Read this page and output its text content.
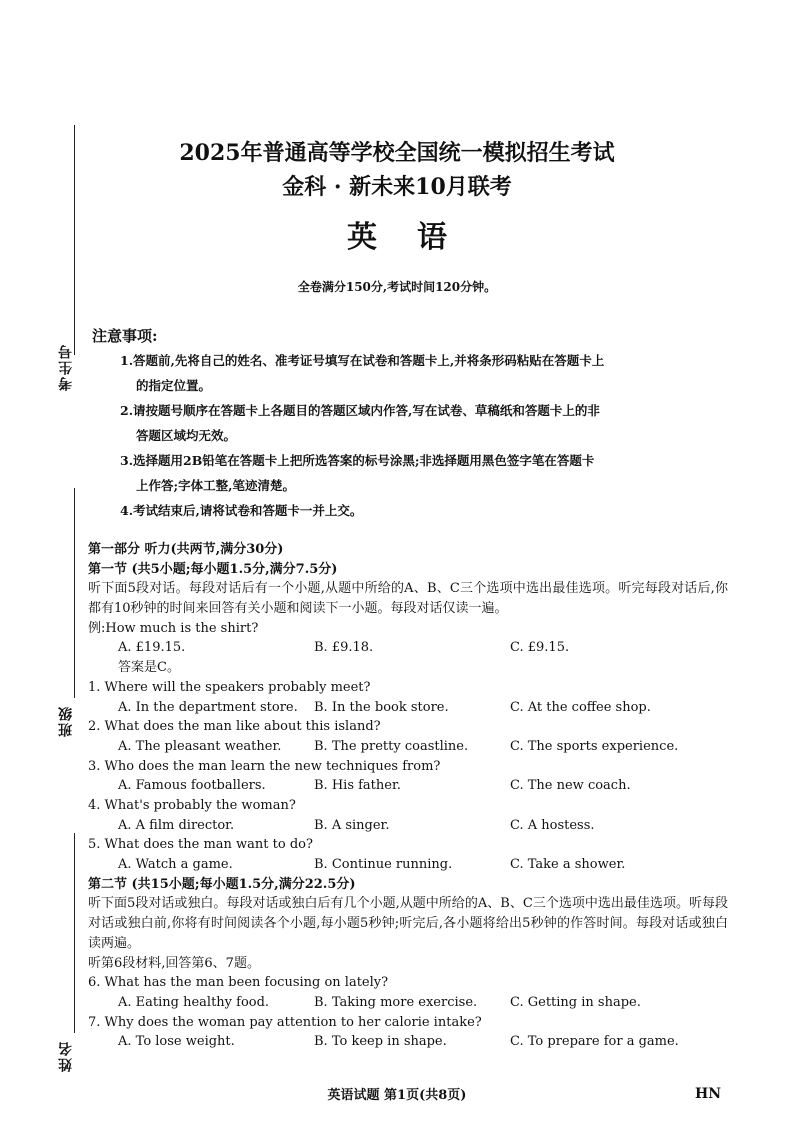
考生号
班级
姓名
2025年普通高等学校全国统一模拟招生考试
金科 · 新未来10月联考
英语
全卷满分150分,考试时间120分钟。
注意事项:
1.答题前,先将自己的姓名、准考证号填写在试卷和答题卡上,并将条形码粘贴在答题卡上
的指定位置。
2.请按题号顺序在答题卡上各题目的答题区域内作答,写在试卷、草稿纸和答题卡上的非
答题区域均无效。
3.选择题用2B铅笔在答题卡上把所选答案的标号涂黑;非选择题用黑色签字笔在答题卡
上作答;字体工整,笔迹清楚。
4.考试结束后,请将试卷和答题卡一并上交。
第一部分 听力(共两节,满分30分)
第一节 (共5小题;每小题1.5分,满分7.5分)
听下面5段对话。每段对话后有一个小题,从题中所给的A、B、C三个选项中选出最佳选项。听完每段对话后,你都有10秒钟的时间来回答有关小题和阅读下一小题。每段对话仅读一遍。
例:How much is the shirt?
A. £19.15.	B. £9.18.	C. £9.15.
答案是C。
1. Where will the speakers probably meet?
A. In the department store. B. In the book store.	C. At the coffee shop.
2. What does the man like about this island?
A. The pleasant weather.	B. The pretty coastline.	C. The sports experience.
3. Who does the man learn the new techniques from?
A. Famous footballers.	B. His father.	C. The new coach.
4. What's probably the woman?
A. A film director.	B. A singer.	C. A hostess.
5. What does the man want to do?
A. Watch a game.	B. Continue running.	C. Take a shower.
第二节 (共15小题;每小题1.5分,满分22.5分)
听下面5段对话或独白。每段对话或独白后有几个小题,从题中所给的A、B、C三个选项中选出最佳选项。听每段对话或独白前,你将有时间阅读各个小题,每小题5秒钟;听完后,各小题将给出5秒钟的作答时间。每段对话或独白读两遍。
听第6段材料,回答第6、7题。
6. What has the man been focusing on lately?
A. Eating healthy food.	B. Taking more exercise.	C. Getting in shape.
7. Why does the woman pay attention to her calorie intake?
A. To lose weight.	B. To keep in shape.	C. To prepare for a game.
英语试题 第1页(共8页)	HN
